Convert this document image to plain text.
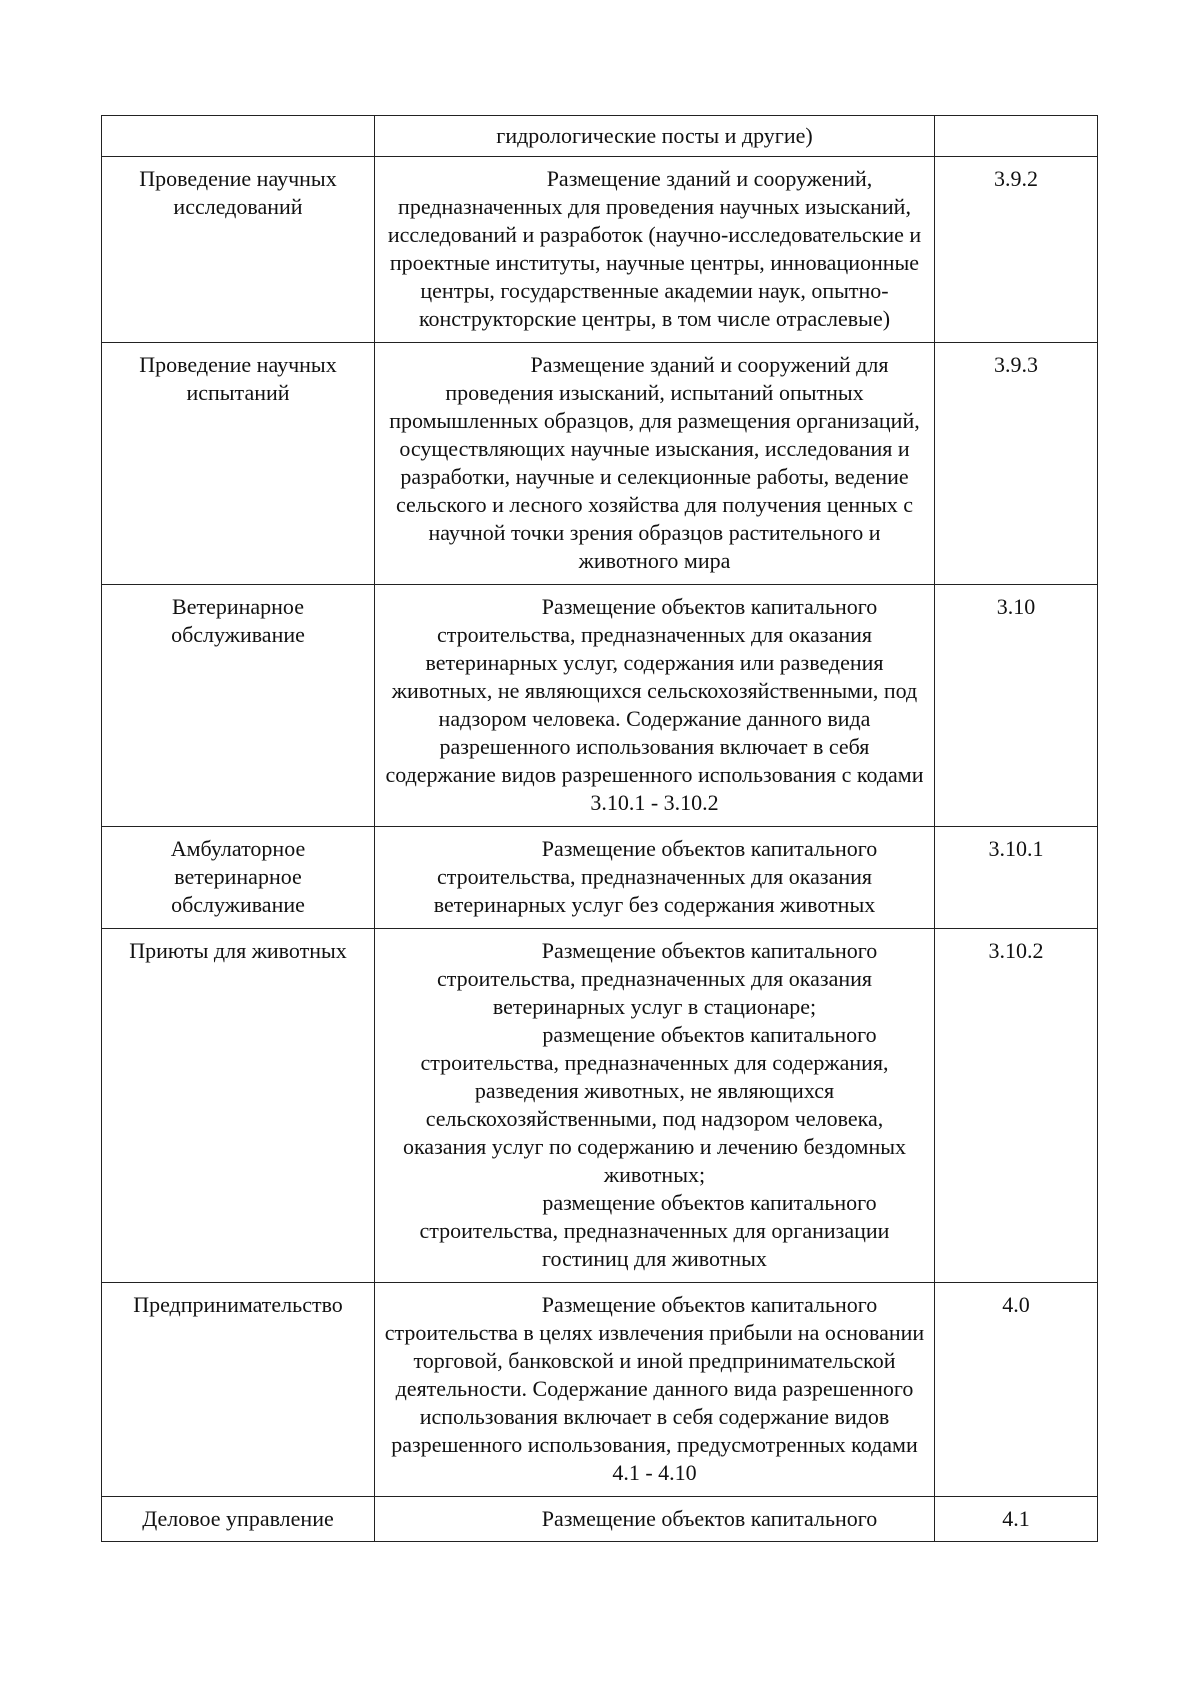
	гидрологические посты и другие)	

Проведение научных исследований	Размещение зданий и сооружений, предназначенных для проведения научных изысканий, исследований и разработок (научно-исследовательские и проектные институты, научные центры, инновационные центры, государственные академии наук, опытно-конструкторские центры, в том числе отраслевые)	3.9.2
Проведение научных испытаний	Размещение зданий и сооружений для проведения изысканий, испытаний опытных промышленных образцов, для размещения организаций, осуществляющих научные изыскания, исследования и разработки, научные и селекционные работы, ведение сельского и лесного хозяйства для получения ценных с научной точки зрения образцов растительного и животного мира	3.9.3
Ветеринарное обслуживание	Размещение объектов капитального строительства, предназначенных для оказания ветеринарных услуг, содержания или разведения животных, не являющихся сельскохозяйственными, под надзором человека. Содержание данного вида разрешенного использования включает в себя содержание видов разрешенного использования с кодами 3.10.1 - 3.10.2	3.10
Амбулаторное ветеринарное обслуживание	Размещение объектов капитального строительства, предназначенных для оказания ветеринарных услуг без содержания животных	3.10.1
Приюты для животных	Размещение объектов капитального строительства, предназначенных для оказания ветеринарных услуг в стационаре;

размещение объектов капитального строительства, предназначенных для содержания, разведения животных, не являющихся сельскохозяйственными, под надзором человека, оказания услуг по содержанию и лечению бездомных животных;

размещение объектов капитального строительства, предназначенных для организации гостиниц для животных	3.10.2
Предпринимательство	Размещение объектов капитального строительства в целях извлечения прибыли на основании торговой, банковской и иной предпринимательской деятельности. Содержание данного вида разрешенного использования включает в себя содержание видов разрешенного использования, предусмотренных кодами 4.1 - 4.10	4.0
Деловое управление	Размещение объектов капитального	4.1
